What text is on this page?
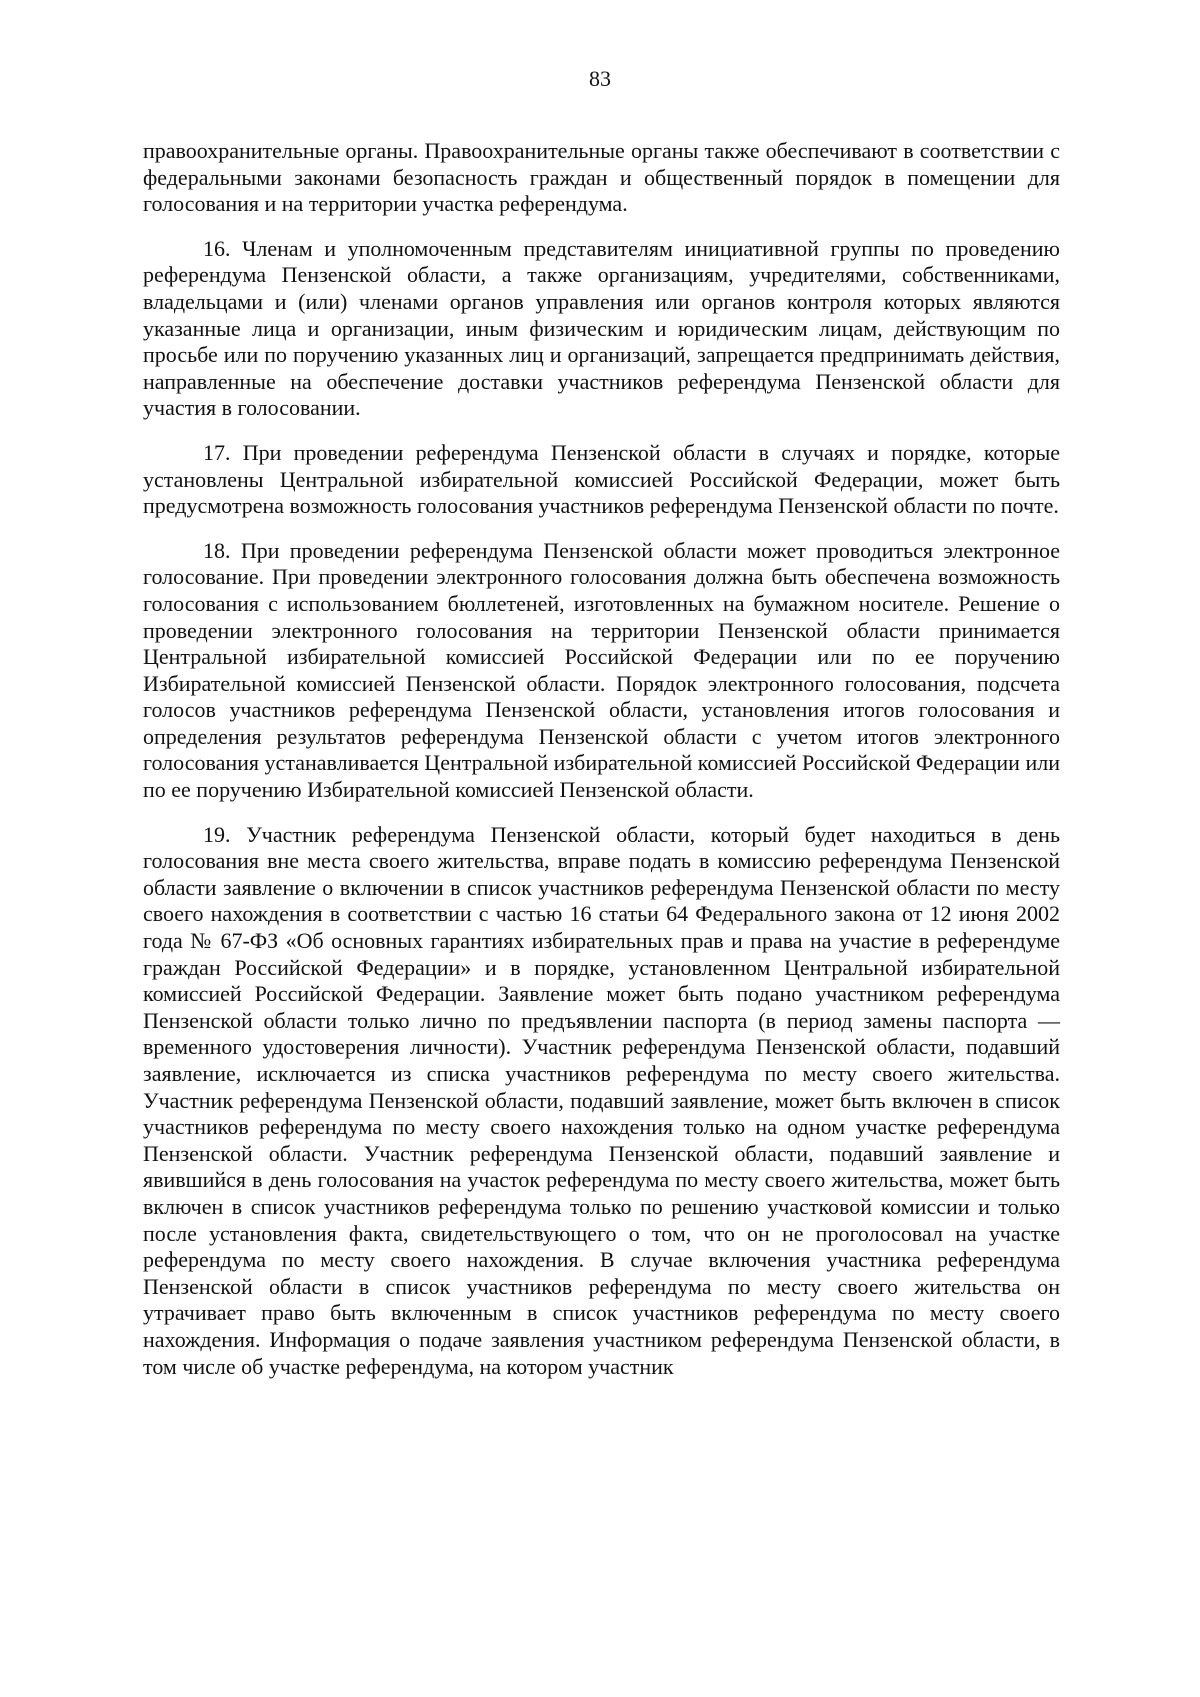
83

правоохранительные органы. Правоохранительные органы также обеспечивают в соответствии с федеральными законами безопасность граждан и общественный порядок в помещении для голосования и на территории участка референдума.

16. Членам и уполномоченным представителям инициативной группы по проведению референдума Пензенской области, а также организациям, учредителями, собственниками, владельцами и (или) членами органов управления или органов контроля которых являются указанные лица и организации, иным физическим и юридическим лицам, действующим по просьбе или по поручению указанных лиц и организаций, запрещается предпринимать действия, направленные на обеспечение доставки участников референдума Пензенской области для участия в голосовании.

17. При проведении референдума Пензенской области в случаях и порядке, которые установлены Центральной избирательной комиссией Российской Федерации, может быть предусмотрена возможность голосования участников референдума Пензенской области по почте.

18. При проведении референдума Пензенской области может проводиться электронное голосование. При проведении электронного голосования должна быть обеспечена возможность голосования с использованием бюллетеней, изготовленных на бумажном носителе. Решение о проведении электронного голосования на территории Пензенской области принимается Центральной избирательной комиссией Российской Федерации или по ее поручению Избирательной комиссией Пензенской области. Порядок электронного голосования, подсчета голосов участников референдума Пензенской области, установления итогов голосования и определения результатов референдума Пензенской области с учетом итогов электронного голосования устанавливается Центральной избирательной комиссией Российской Федерации или по ее поручению Избирательной комиссией Пензенской области.

19. Участник референдума Пензенской области, который будет находиться в день голосования вне места своего жительства, вправе подать в комиссию референдума Пензенской области заявление о включении в список участников референдума Пензенской области по месту своего нахождения в соответствии с частью 16 статьи 64 Федерального закона от 12 июня 2002 года № 67-ФЗ «Об основных гарантиях избирательных прав и права на участие в референдуме граждан Российской Федерации» и в порядке, установленном Центральной избирательной комиссией Российской Федерации. Заявление может быть подано участником референдума Пензенской области только лично по предъявлении паспорта (в период замены паспорта — временного удостоверения личности). Участник референдума Пензенской области, подавший заявление, исключается из списка участников референдума по месту своего жительства. Участник референдума Пензенской области, подавший заявление, может быть включен в список участников референдума по месту своего нахождения только на одном участке референдума Пензенской области. Участник референдума Пензенской области, подавший заявление и явившийся в день голосования на участок референдума по месту своего жительства, может быть включен в список участников референдума только по решению участковой комиссии и только после установления факта, свидетельствующего о том, что он не проголосовал на участке референдума по месту своего нахождения. В случае включения участника референдума Пензенской области в список участников референдума по месту своего жительства он утрачивает право быть включенным в список участников референдума по месту своего нахождения. Информация о подаче заявления участником референдума Пензенской области, в том числе об участке референдума, на котором участник
